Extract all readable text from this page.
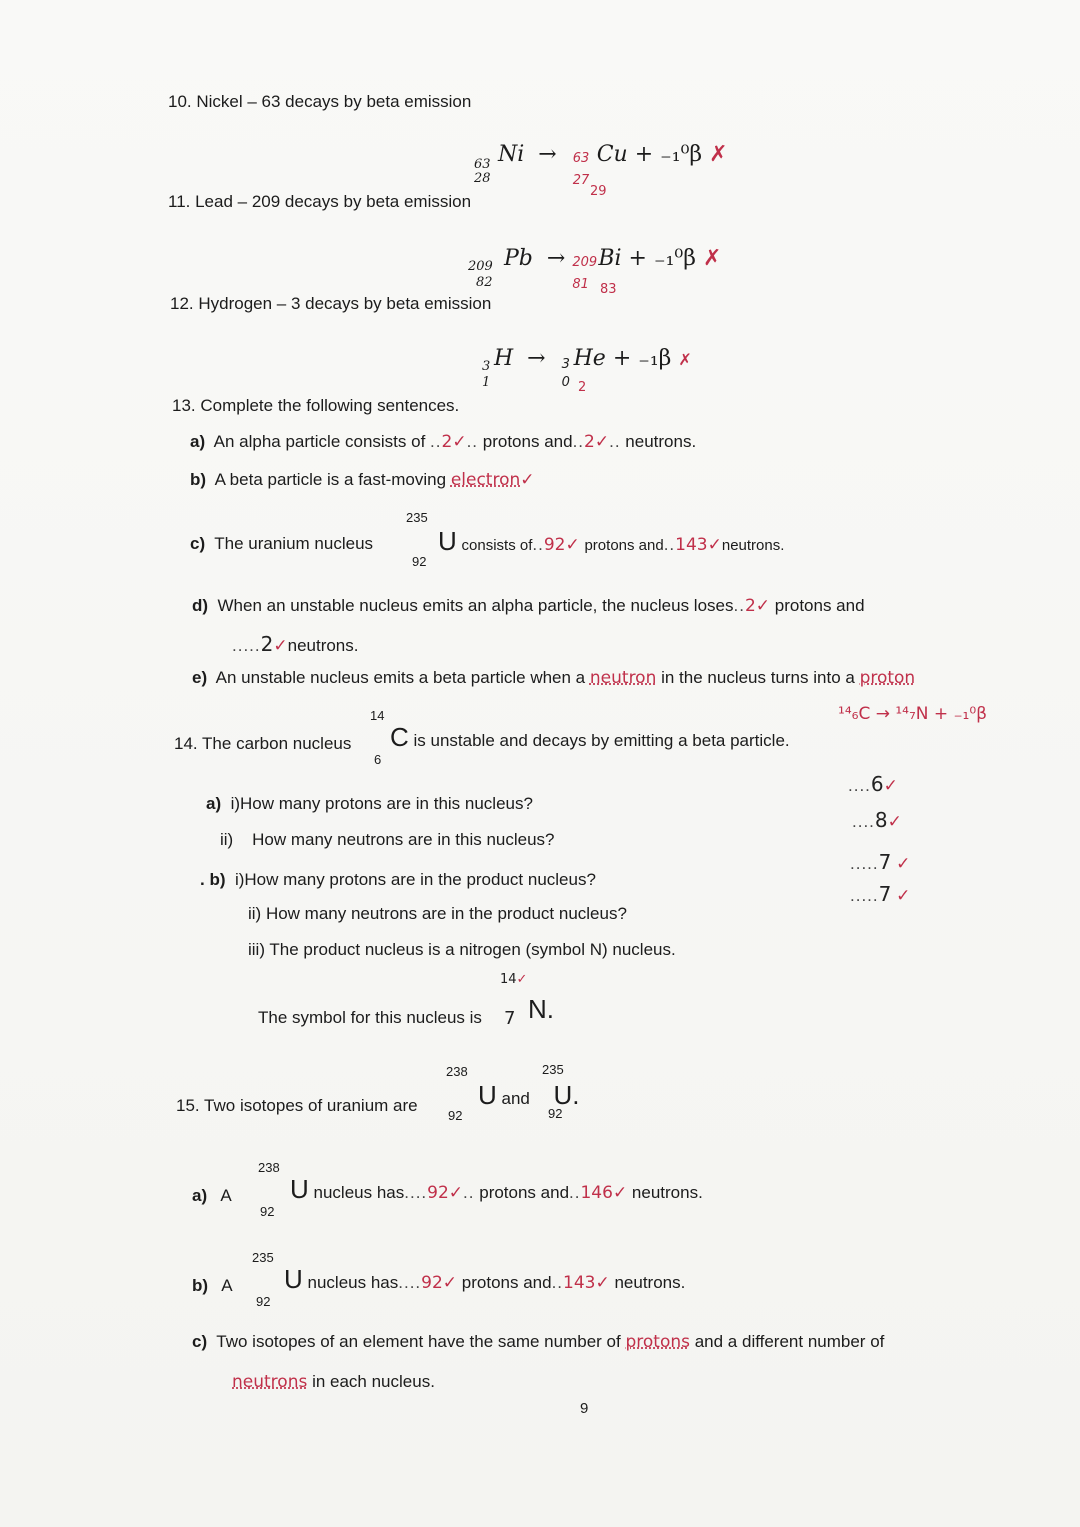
10. Nickel – 63 decays by beta emission
63
28
Ni  → 63
27
Cu + ₋₁⁰β ✗
29
11. Lead – 209 decays by beta emission
209
82
Pb  → 209
81
Bi + ₋₁⁰β ✗
83
12. Hydrogen – 3 decays by beta emission
3
1
H  → 3
0
He + ₋₁β ✗
2
13. Complete the following sentences.
a) An alpha particle consists of ..2✓.. protons and..2✓.. neutrons.
b) A beta particle is a fast-moving electron✓
c) The uranium nucleus
235
92
U consists of..92✓ protons and..143✓neutrons.
d) When an unstable nucleus emits an alpha particle, the nucleus loses..2✓ protons and
.....2✓neutrons.
e) An unstable nucleus emits a beta particle when a neutron in the nucleus turns into a proton
14
6
14. The carbon nucleus C is unstable and decays by emitting a beta particle.
¹⁴₆C → ¹⁴₇N + ₋₁⁰β
a) i)How many protons are in this nucleus?
ii) How many neutrons are in this nucleus?
. b) i)How many protons are in the product nucleus?
ii) How many neutrons are in the product nucleus?
iii) The product nucleus is a nitrogen (symbol N) nucleus.
....6✓
....8✓
.....7 ✓
.....7 ✓
14✓
The symbol for this nucleus is 7 N.
238
92
235
92
15. Two isotopes of uranium are U and U.
238
92
a) A U nucleus has....92✓.. protons and..146✓ neutrons.
235
92
b) A U nucleus has....92✓ protons and..143✓ neutrons.
c) Two isotopes of an element have the same number of protons and a different number of
neutrons in each nucleus.
9
